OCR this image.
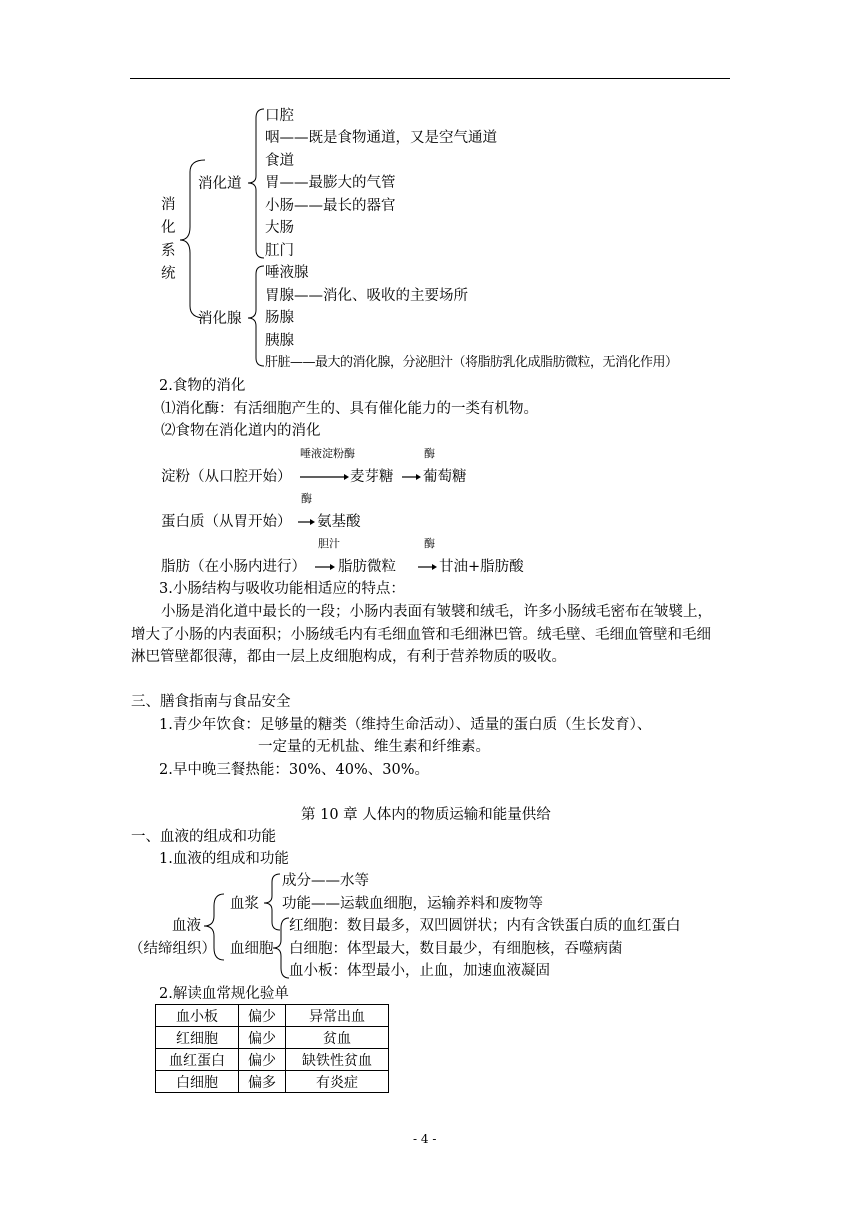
消
化
系
统
消化道
口腔
咽——既是食物通道，又是空气通道
食道
胃——最膨大的气管
小肠——最长的器官
大肠
肛门
消化腺
唾液腺
胃腺——消化、吸收的主要场所
肠腺
胰腺
肝脏——最大的消化腺，分泌胆汁（将脂肪乳化成脂肪微粒，无消化作用）
2.食物的消化
⑴消化酶：有活细胞产生的、具有催化能力的一类有机物。
⑵食物在消化道内的消化
唾液淀粉酶	酶
淀粉（从口腔开始）	麦芽糖 葡萄糖
酶
蛋白质（从胃开始） 氨基酸
胆汁	酶
脂肪（在小肠内进行） 脂肪微粒	甘油+脂肪酸
3.小肠结构与吸收功能相适应的特点：
小肠是消化道中最长的一段；小肠内表面有皱襞和绒毛，许多小肠绒毛密布在皱襞上，
增大了小肠的内表面积；小肠绒毛内有毛细血管和毛细淋巴管。绒毛壁、毛细血管壁和毛细
淋巴管壁都很薄，都由一层上皮细胞构成，有利于营养物质的吸收。
三、膳食指南与食品安全
1.青少年饮食：足够量的糖类（维持生命活动）、适量的蛋白质（生长发育）、
一定量的无机盐、维生素和纤维素。
2.早中晚三餐热能：30%、40%、30%。
第 10 章 人体内的物质运输和能量供给
一、血液的组成和功能
1.血液的组成和功能
血液
（结缔组织）
血浆
成分——水等
功能——运载血细胞，运输养料和废物等
血细胞
红细胞：数目最多，双凹圆饼状；内有含铁蛋白质的血红蛋白
白细胞：体型最大，数目最少，有细胞核，吞噬病菌
血小板：体型最小，止血，加速血液凝固
2.解读血常规化验单
血小板	偏少	异常出血
红细胞	偏少	贫血
血红蛋白	偏少	缺铁性贫血
白细胞	偏多	有炎症
- 4 -
